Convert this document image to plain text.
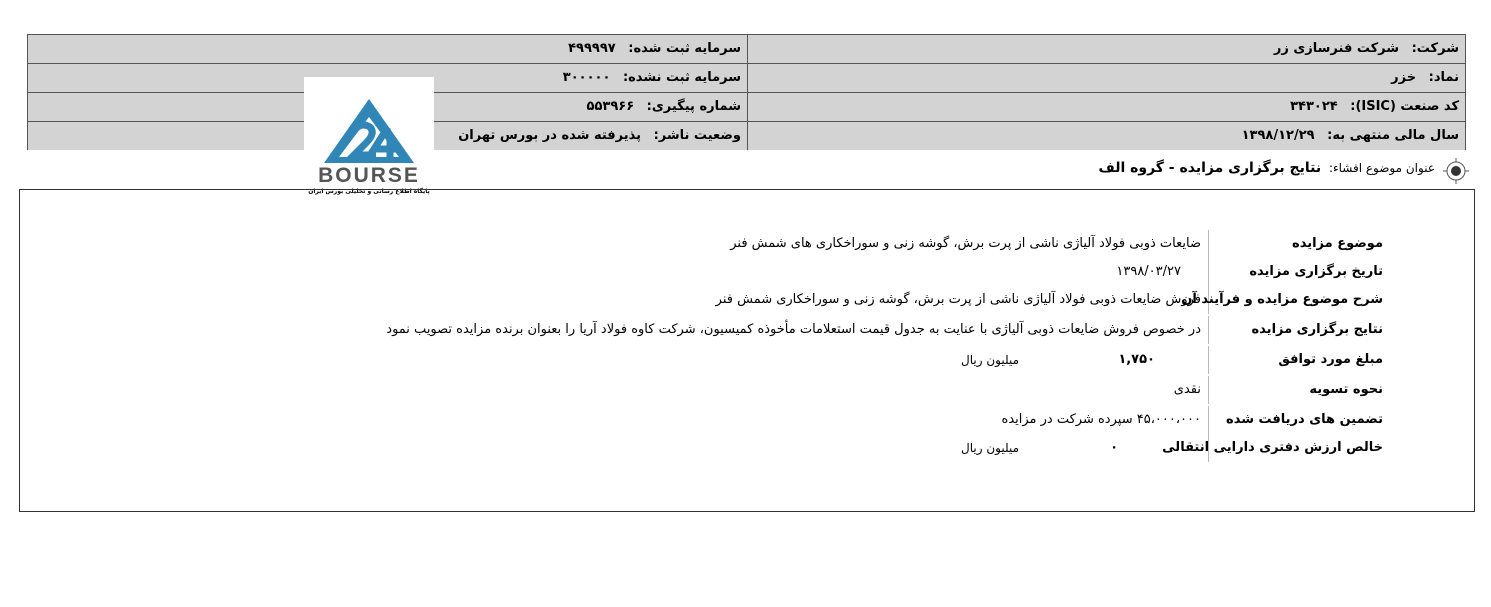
شرکت: شرکت فنرسازی زر
سرمایه ثبت شده: ۴۹۹۹۹۷
نماد: خزر
سرمایه ثبت نشده: ۳۰۰۰۰۰
کد صنعت (ISIC): ۳۴۳۰۲۴
شماره پیگیری: ۵۵۳۹۶۶
سال مالی منتهی به: ۱۳۹۸/۱۲/۲۹
وضعیت ناشر: پذیرفته شده در بورس تهران
BOURSE
پایگاه اطلاع رسانی و تحلیلی بورس ایران
عنوان موضوع افشاء: نتایج برگزاری مزایده - گروه الف
موضوع مزایده
ضایعات ذوبی فولاد آلیاژی ناشی از پرت برش، گوشه زنی و سوراخکاری های شمش فنر
تاریخ برگزاری مزایده
۱۳۹۸/۰۳/۲۷
شرح موضوع مزایده و فرآیند آن
فروش ضایعات ذوبی فولاد آلیاژی ناشی از پرت برش، گوشه زنی و سوراخکاری شمش فنر
نتایج برگزاری مزایده
در خصوص فروش ضایعات ذوبی آلیاژی با عنایت به جدول قیمت استعلامات مأخوذه کمیسیون، شرکت کاوه فولاد آریا را بعنوان برنده مزایده تصویب نمود
مبلغ مورد توافق
۱,۷۵۰
میلیون ریال
نحوه تسویه
نقدی
تضمین های دریافت شده
۴۵،۰۰۰،۰۰۰ سپرده شرکت در مزایده
خالص ارزش دفتری دارایی انتقالی
۰
میلیون ریال
